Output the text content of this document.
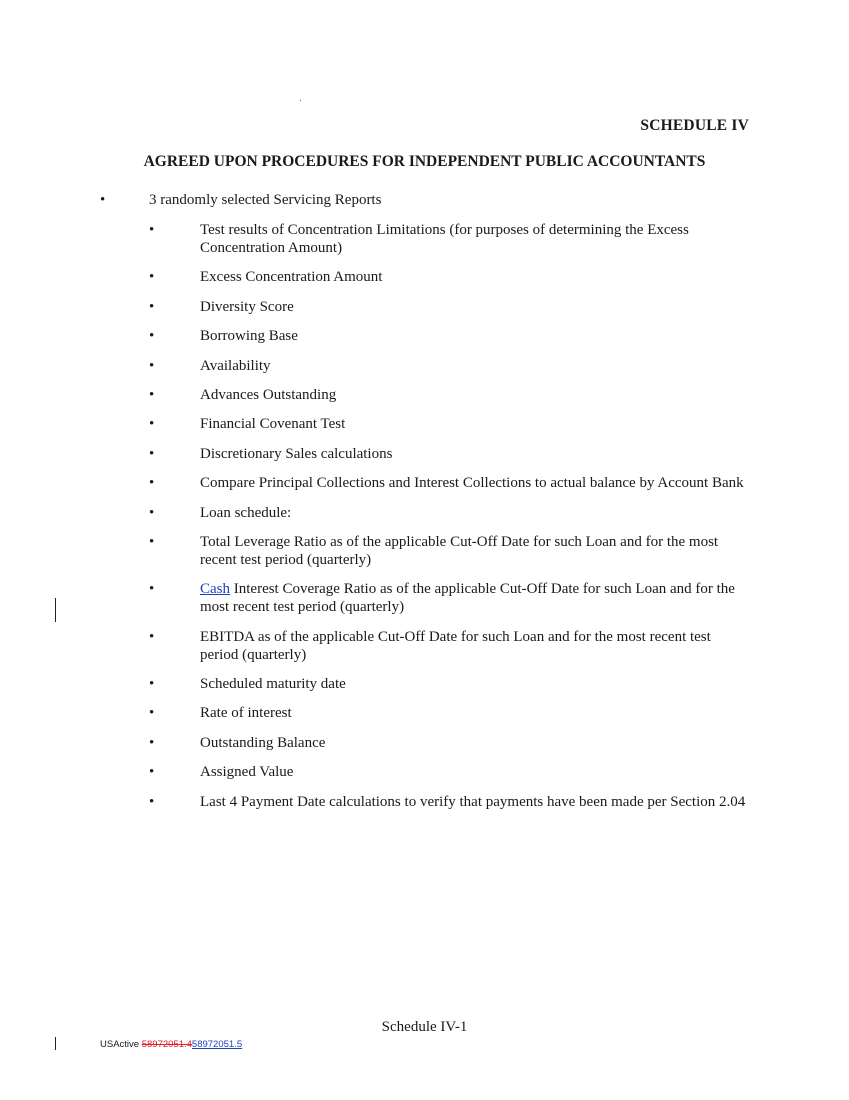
SCHEDULE IV
AGREED UPON PROCEDURES FOR INDEPENDENT PUBLIC ACCOUNTANTS
•	3 randomly selected Servicing Reports
•	Test results of Concentration Limitations (for purposes of determining the Excess Concentration Amount)
•	Excess Concentration Amount
•	Diversity Score
•	Borrowing Base
•	Availability
•	Advances Outstanding
•	Financial Covenant Test
•	Discretionary Sales calculations
•	Compare Principal Collections and Interest Collections to actual balance by Account Bank
•	Loan schedule:
•	Total Leverage Ratio as of the applicable Cut-Off Date for such Loan and for the most recent test period (quarterly)
•	Cash Interest Coverage Ratio as of the applicable Cut-Off Date for such Loan and for the most recent test period (quarterly)
•	EBITDA as of the applicable Cut-Off Date for such Loan and for the most recent test period (quarterly)
•	Scheduled maturity date
•	Rate of interest
•	Outstanding Balance
•	Assigned Value
•	Last 4 Payment Date calculations to verify that payments have been made per Section 2.04
Schedule IV-1
USActive 58972051.458972051.5
